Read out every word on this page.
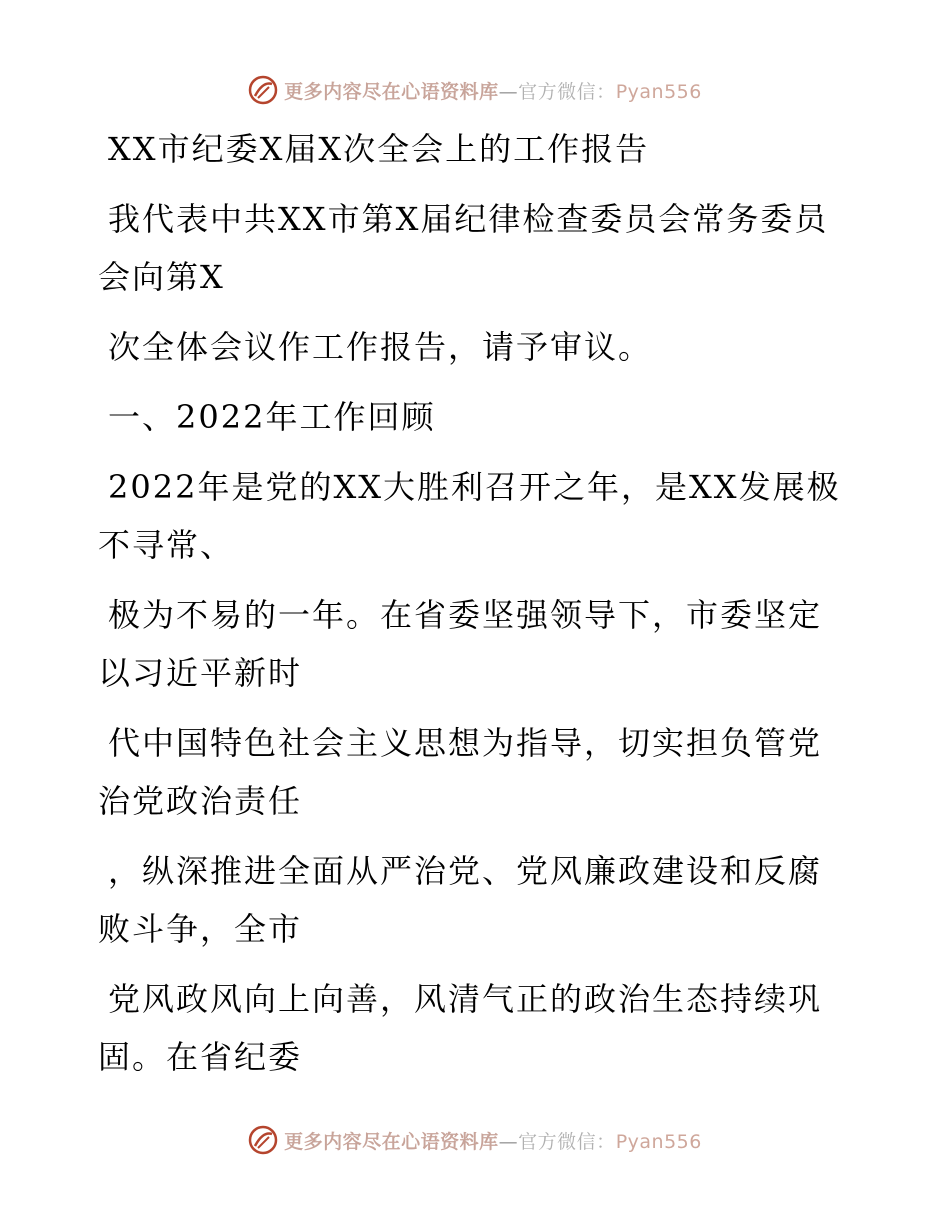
更多内容尽在心语资料库—官方微信：Pyan556
XX市纪委X届X次全会上的工作报告
我代表中共XX市第X届纪律检查委员会常务委员
会向第X
次全体会议作工作报告，请予审议。
一、2022年工作回顾
2022年是党的XX大胜利召开之年，是XX发展极
不寻常、
极为不易的一年。在省委坚强领导下，市委坚定
以习近平新时
代中国特色社会主义思想为指导，切实担负管党
治党政治责任
，纵深推进全面从严治党、党风廉政建设和反腐
败斗争，全市
党风政风向上向善，风清气正的政治生态持续巩
固。在省纪委
更多内容尽在心语资料库—官方微信：Pyan556
